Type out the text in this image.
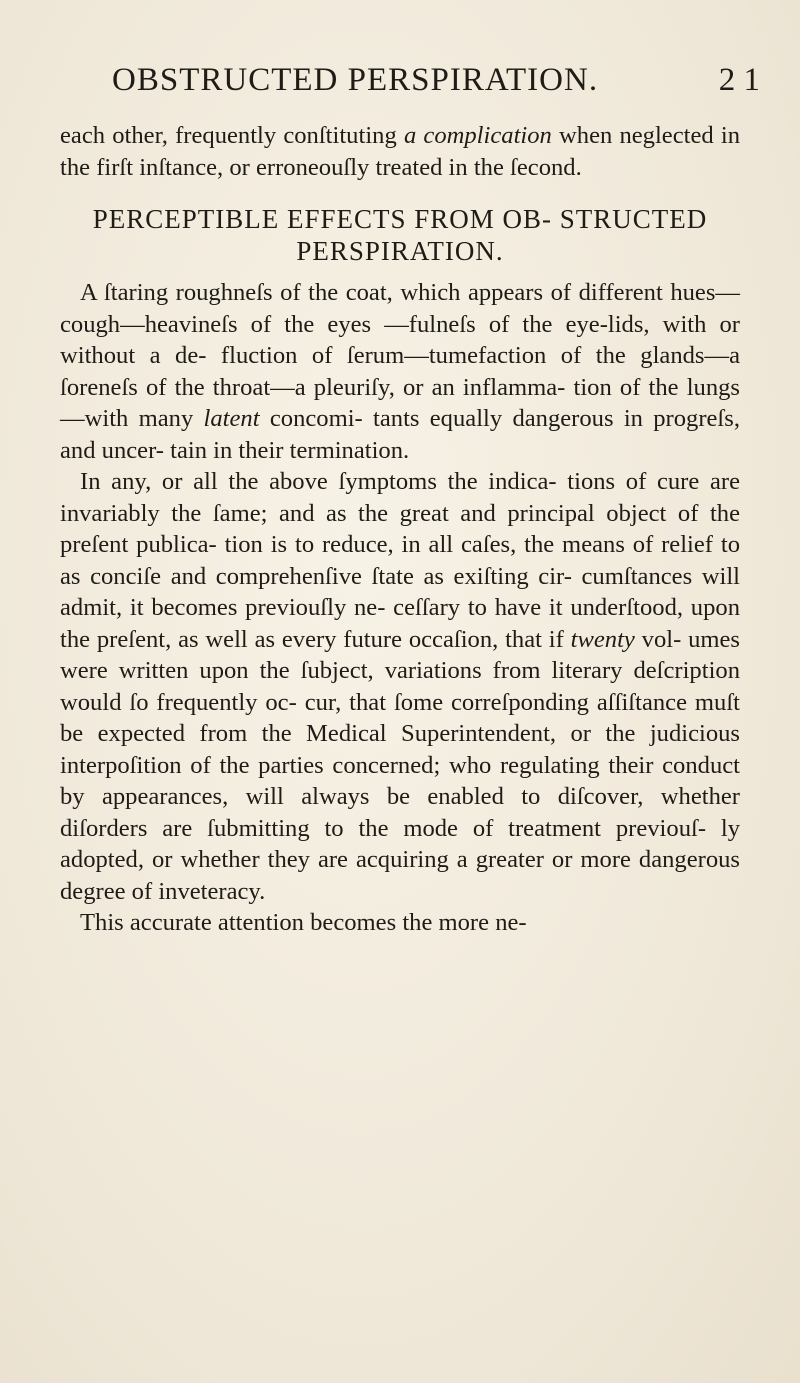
OBSTRUCTED PERSPIRATION.	2 1

each other, frequently conſtituting a complication when neglected in the firſt inſtance, or erroneouſly treated in the ſecond.

PERCEPTIBLE EFFECTS FROM OB- STRUCTED PERSPIRATION.

A ſtaring roughneſs of the coat, which appears of different hues—cough—heavineſs of the eyes —fulneſs of the eye-lids, with or without a de- fluction of ſerum—tumefaction of the glands—a ſoreneſs of the throat—a pleuriſy, or an inflamma- tion of the lungs—with many latent concomi- tants equally dangerous in progreſs, and uncer- tain in their termination.

In any, or all the above ſymptoms the indica- tions of cure are invariably the ſame; and as the great and principal object of the preſent publica- tion is to reduce, in all caſes, the means of relief to as conciſe and comprehenſive ſtate as exiſting cir- cumſtances will admit, it becomes previouſly ne- ceſſary to have it underſtood, upon the preſent, as well as every future occaſion, that if twenty vol- umes were written upon the ſubject, variations from literary deſcription would ſo frequently oc- cur, that ſome correſponding aſſiſtance muſt be expected from the Medical Superintendent, or the judicious interpoſition of the parties concerned; who regulating their conduct by appearances, will always be enabled to diſcover, whether diſorders are ſubmitting to the mode of treatment previouſ- ly adopted, or whether they are acquiring a greater or more dangerous degree of inveteracy.

This accurate attention becomes the more ne-
